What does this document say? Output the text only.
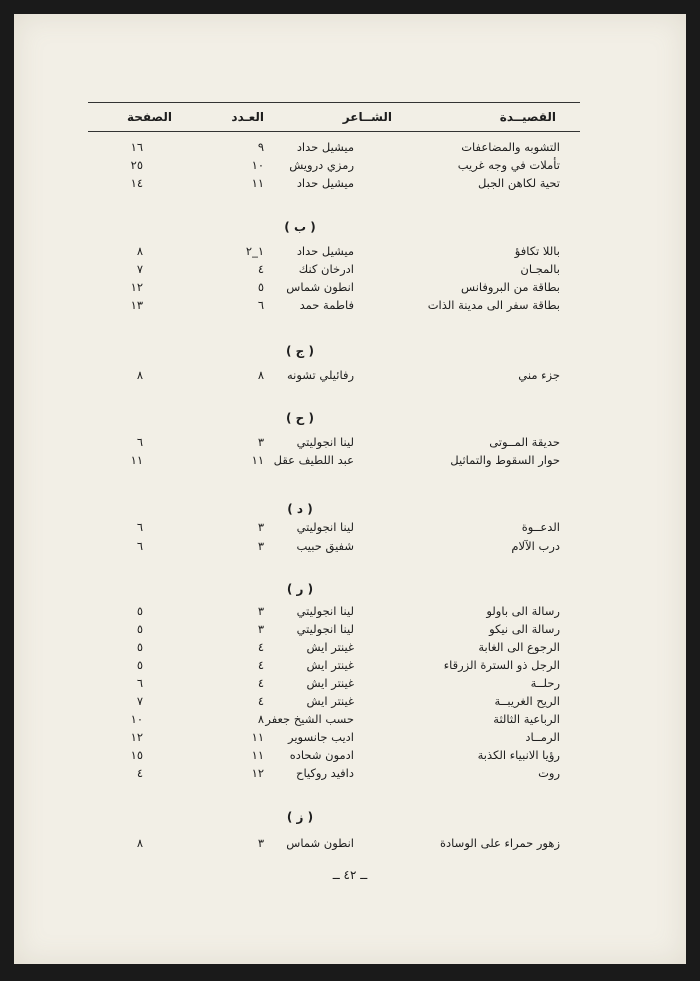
القصيــدة
الشــاعر
العـدد
الصفحة
التشوبه والمضاعفات
ميشيل حداد
٩
١٦
تأملات في وجه غريب
رمزي درويش
١٠
٢٥
تحية لكاهن الجبل
ميشيل حداد
١١
١٤
( ب )
باللا تكافؤ
ميشيل حداد
١_٢
٨
بالمجـان
ادرخان كنك
٤
٧
بطاقة من البروفانس
انطون شماس
٥
١٢
بطاقة سفر الى مدينة الذات
فاطمة حمد
٦
١٣
( ج )
جزء مني
رفائيلي تشونه
٨
٨
( ح )
حديقة المــوتى
لينا انجوليتي
٣
٦
حوار السقوط والتماثيل
عبد اللطيف عقل
١١
١١
( د )
الدعــوة
لينا انجوليتي
٣
٦
درب الآلام
شفيق حبيب
٣
٦
( ر )
رسالة الى باولو
لينا انجوليتي
٣
٥
رسالة الى نيكو
لينا انجوليتي
٣
٥
الرجوع الى الغابة
غينتر ايش
٤
٥
الرجل ذو السترة الزرقاء
غينتر ايش
٤
٥
رحلــة
غينتر ايش
٤
٦
الريح الغريبــة
غينتر ايش
٤
٧
الرباعية الثالثة
حسب الشيخ جعفر
٨
١٠
الرمــاد
اديب جانسوير
١١
١٢
رؤيا الانبياء الكذبة
ادمون شحاده
١١
١٥
روت
دافيد روكياح
١٢
٤
( ز )
زهور حمراء على الوسادة
انطون شماس
٣
٨
ــ ٤٢ ــ
